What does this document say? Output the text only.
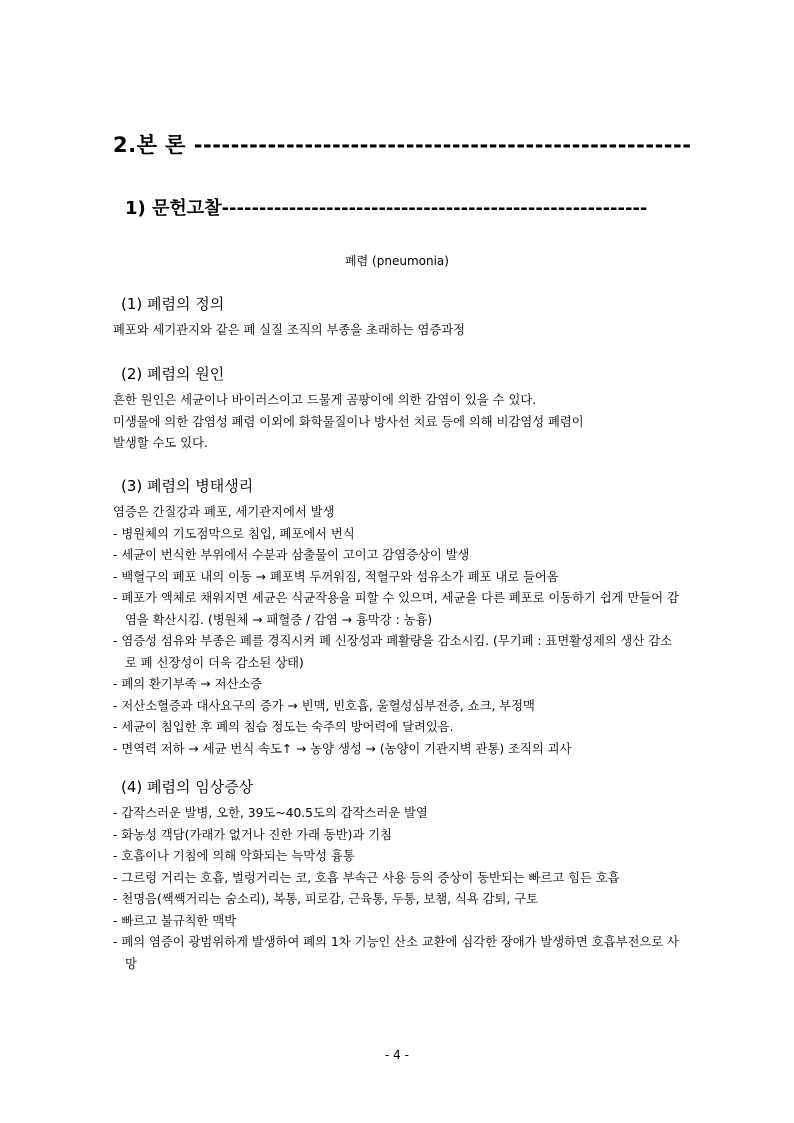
2.본 론 ------------------------------------------------------
1) 문헌고찰---------------------------------------------------------
폐렴 (pneumonia)
(1) 폐렴의 정의
폐포와 세기관지와 같은 폐 실질 조직의 부종을 초래하는 염증과정
(2) 폐렴의 원인
흔한 원인은 세균이나 바이러스이고 드물게 곰팡이에 의한 감염이 있을 수 있다.
미생물에 의한 감염성 폐렴 이외에 화학물질이나 방사선 치료 등에 의해 비감염성 폐렴이
발생할 수도 있다.
(3) 폐렴의 병태생리
염증은 간질강과 폐포, 세기관지에서 발생
- 병원체의 기도점막으로 침입, 폐포에서 번식
- 세균이 번식한 부위에서 수분과 삼출물이 고이고 감염증상이 발생
- 백혈구의 폐포 내의 이동 → 폐포벽 두꺼워짐, 적혈구와 섬유소가 폐포 내로 들어옴
- 폐포가 액체로 채워지면 세균은 식균작용을 피할 수 있으며, 세균을 다른 폐포로 이동하기 쉽게 만들어 감염을 확산시킴. (병원체 → 패혈증 / 감염 → 흉막강 : 농흉)
- 염증성 섬유와 부종은 폐를 경직시켜 폐 신장성과 폐활량을 감소시킴. (무기폐 : 표면활성제의 생산 감소로 폐 신장성이 더욱 감소된 상태)
- 폐의 환기부족 → 저산소증
- 저산소혈증과 대사요구의 증가 → 빈맥, 빈호흡, 울혈성심부전증, 쇼크, 부정맥
- 세균이 침입한 후 폐의 침습 정도는 숙주의 방어력에 달려있음.
- 면역력 저하 → 세균 번식 속도↑ → 농양 생성 → (농양이 기관지벽 관통) 조직의 괴사
(4) 폐렴의 임상증상
- 갑작스러운 발병, 오한, 39도~40.5도의 갑작스러운 발열
- 화농성 객담(가래가 없거나 진한 가래 동반)과 기침
- 호흡이나 기침에 의해 악화되는 늑막성 흉통
- 그르렁 거리는 호흡, 벌렁거리는 코, 호흡 부속근 사용 등의 증상이 동반되는 빠르고 힘든 호흡
- 천명음(쌕쌕거리는 숨소리), 복통, 피로감, 근육통, 두통, 보챔, 식욕 감퇴, 구토
- 빠르고 불규칙한 맥박
- 폐의 염증이 광범위하게 발생하여 폐의 1차 기능인 산소 교환에 심각한 장애가 발생하면 호흡부전으로 사망
- 4 -
